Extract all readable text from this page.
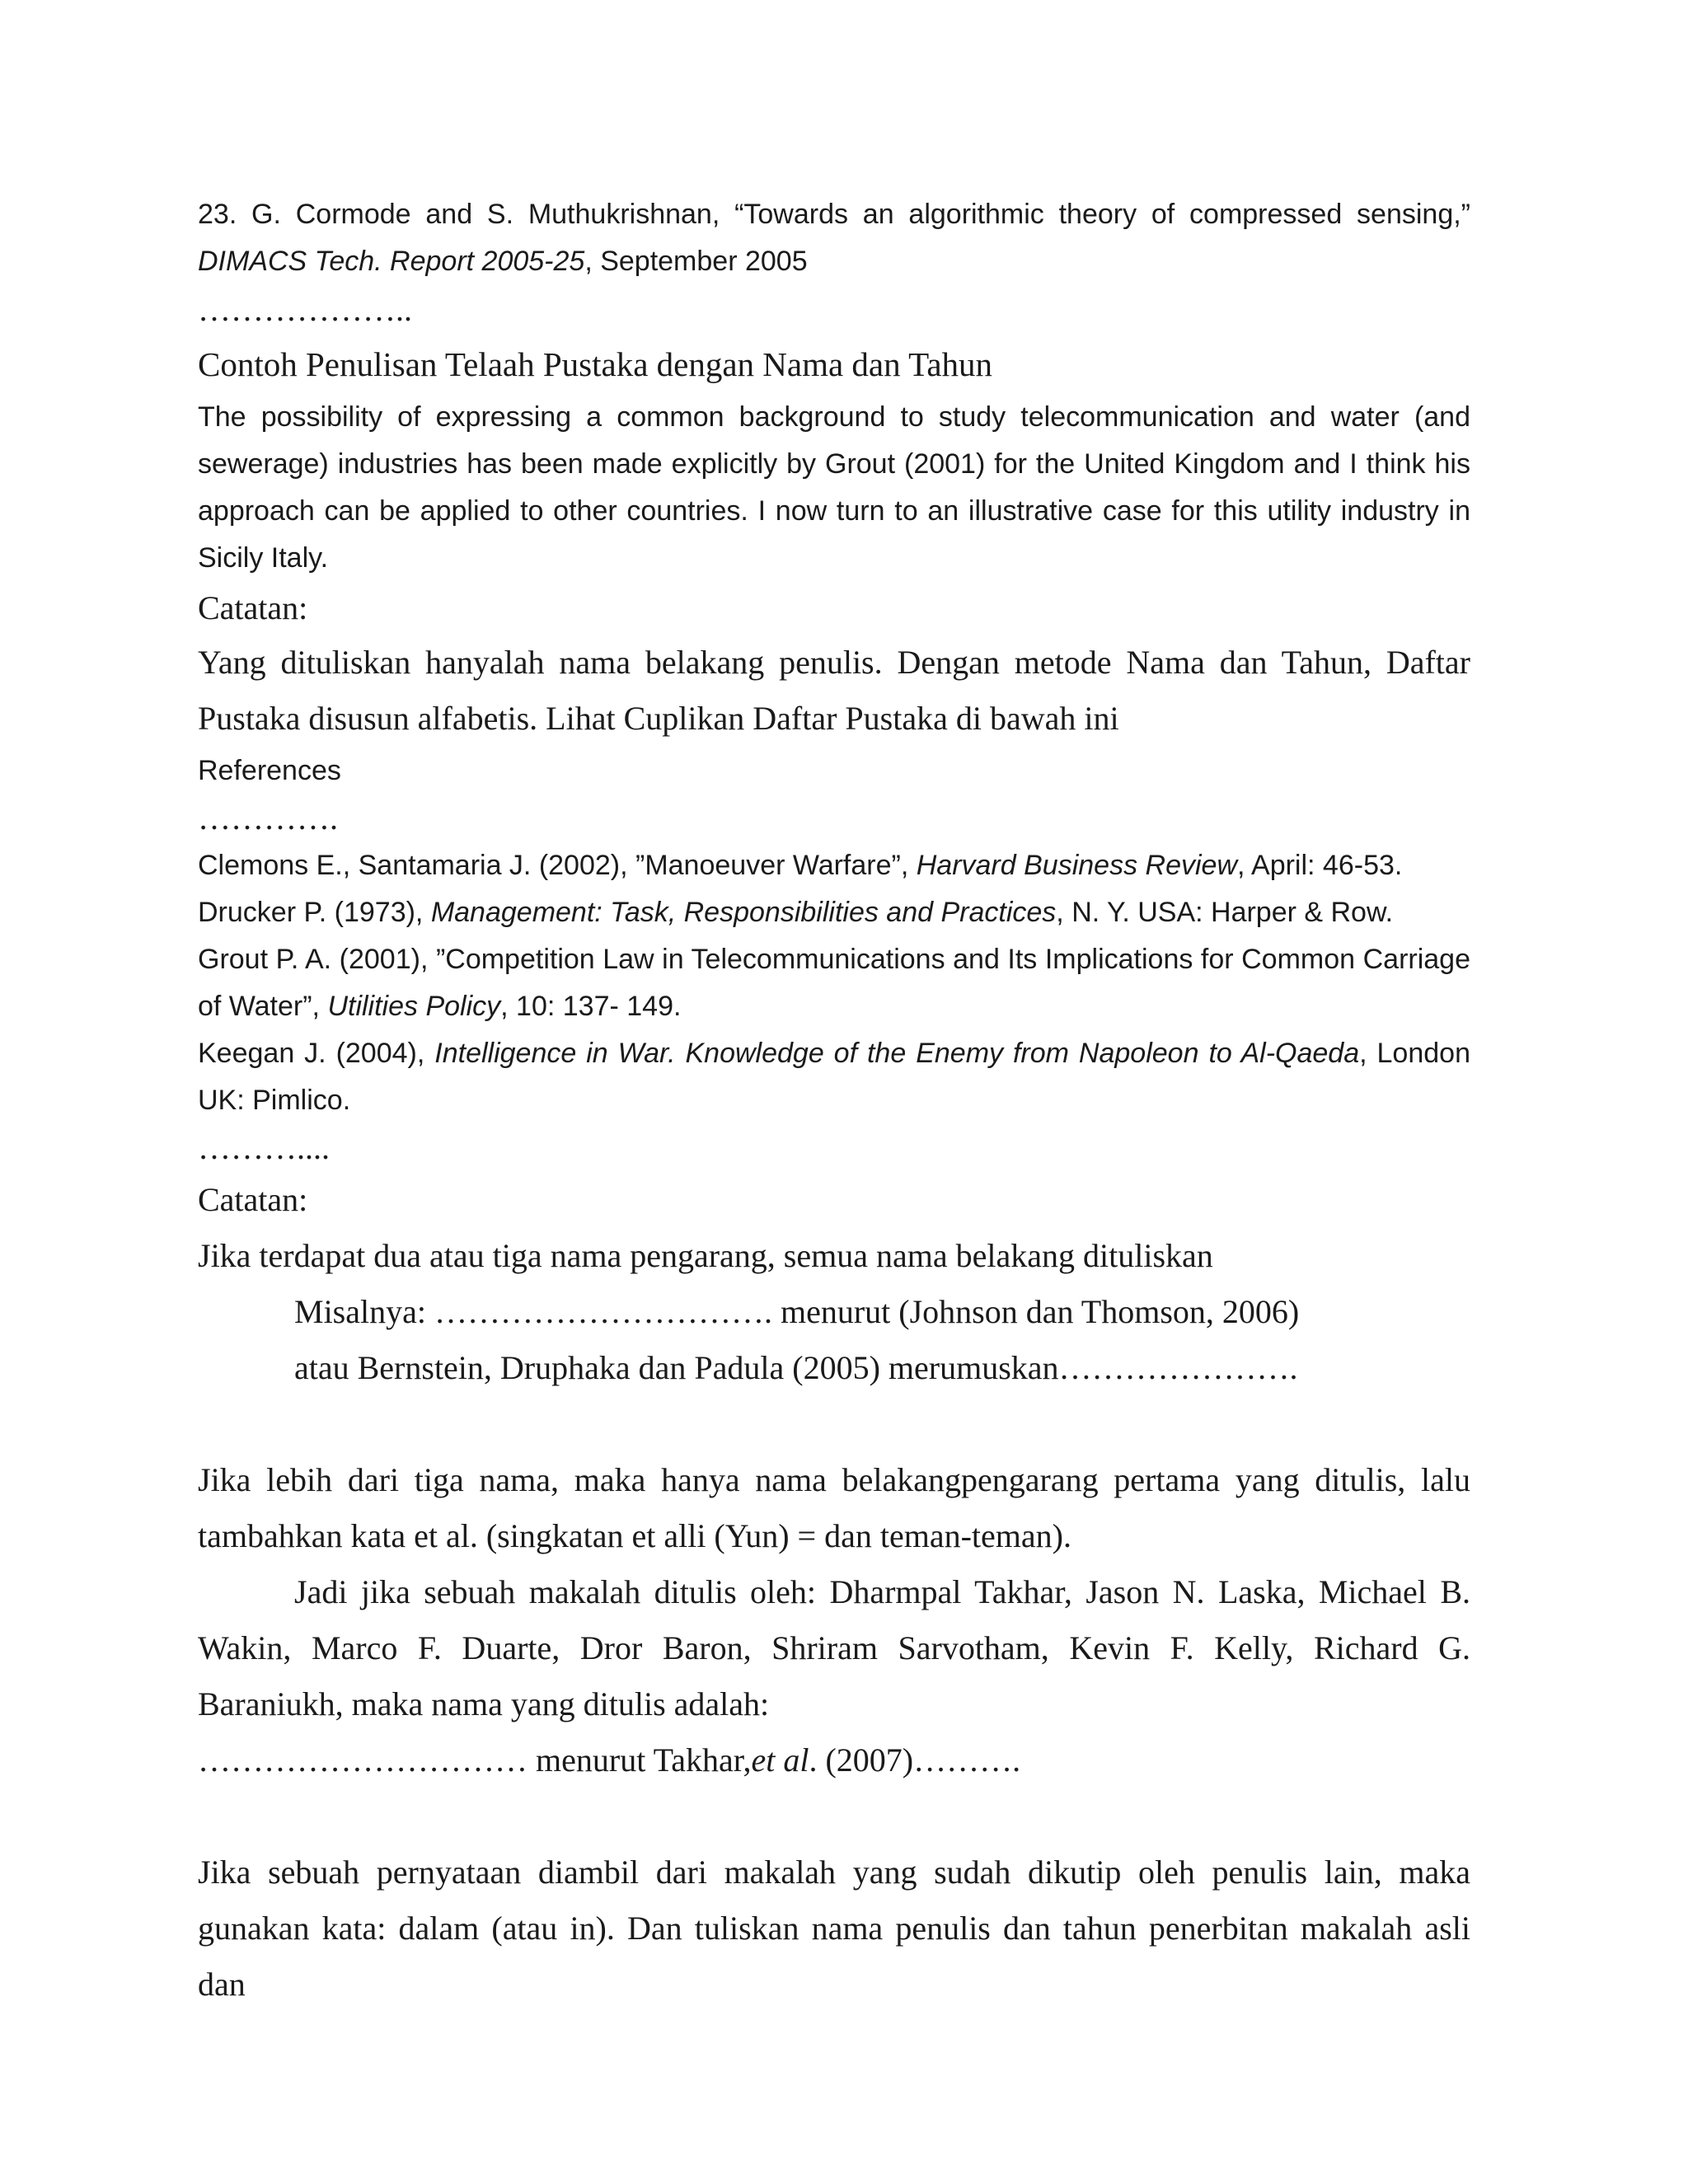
23. G. Cormode and S. Muthukrishnan, “Towards an algorithmic theory of compressed sensing,” DIMACS Tech. Report 2005-25, September 2005

………………..

Contoh Penulisan Telaah Pustaka dengan Nama dan Tahun

The possibility of expressing a common background to study telecommunication and water (and sewerage) industries has been made explicitly by Grout (2001) for the United Kingdom and I think his approach can be applied to other countries. I now turn to an illustrative case for this utility industry in Sicily Italy.

Catatan:

Yang dituliskan hanyalah nama belakang penulis. Dengan metode Nama dan Tahun, Daftar Pustaka disusun alfabetis. Lihat Cuplikan Daftar Pustaka di bawah ini

References

………….

Clemons E., Santamaria J. (2002), ”Manoeuver Warfare”, Harvard Business Review, April: 46-53.

Drucker P. (1973), Management: Task, Responsibilities and Practices, N. Y. USA: Harper & Row.

Grout P. A. (2001), ”Competition Law in Telecommunications and Its Implications for Common Carriage of Water”, Utilities Policy, 10: 137- 149.

Keegan J. (2004), Intelligence in War. Knowledge of the Enemy from Napoleon to Al-Qaeda, London UK: Pimlico.

………....

Catatan:

Jika terdapat dua atau tiga nama pengarang, semua nama belakang dituliskan

Misalnya: …………………………. menurut (Johnson dan Thomson, 2006)

atau Bernstein, Druphaka dan Padula (2005) merumuskan………………….

Jika lebih dari tiga nama, maka hanya nama belakangpengarang pertama yang ditulis, lalu tambahkan kata et al. (singkatan et alli (Yun) = dan teman-teman).

Jadi jika sebuah makalah ditulis oleh: Dharmpal Takhar, Jason N. Laska, Michael B. Wakin, Marco F. Duarte, Dror Baron, Shriram Sarvotham, Kevin F. Kelly, Richard G. Baraniukh, maka nama yang ditulis adalah:

………………………… menurut Takhar,et al. (2007)……….

Jika sebuah pernyataan diambil dari makalah yang sudah dikutip oleh penulis lain, maka gunakan kata: dalam (atau in). Dan tuliskan nama penulis dan tahun penerbitan makalah asli dan
